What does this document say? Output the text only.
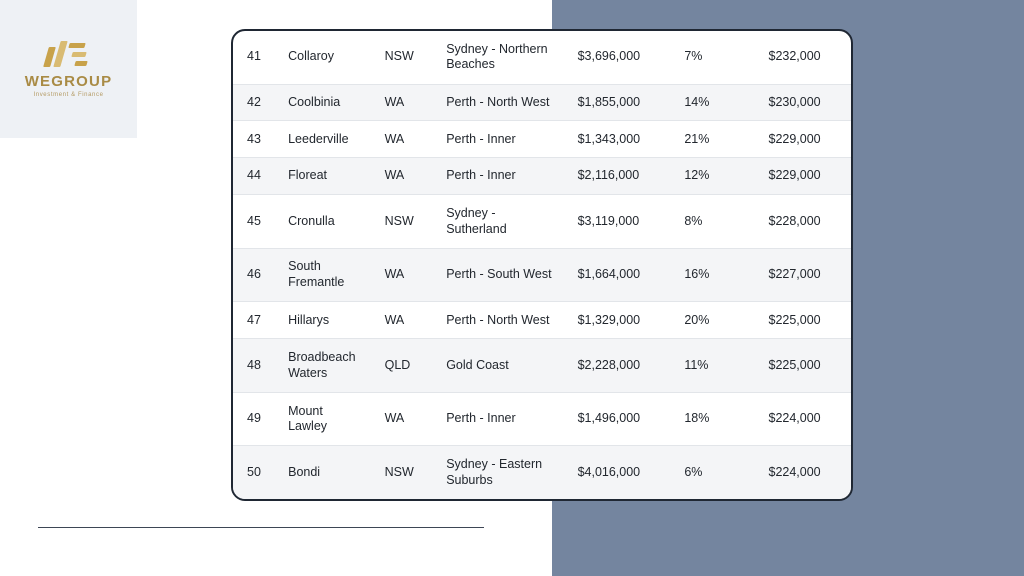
WEGROUP
Investment & Finance
41	Collaroy	NSW	Sydney - Northern Beaches	$3,696,000	7%	$232,000
42	Coolbinia	WA	Perth - North West	$1,855,000	14%	$230,000
43	Leederville	WA	Perth - Inner	$1,343,000	21%	$229,000
44	Floreat	WA	Perth - Inner	$2,116,000	12%	$229,000
45	Cronulla	NSW	Sydney - Sutherland	$3,119,000	8%	$228,000
46	South Fremantle	WA	Perth - South West	$1,664,000	16%	$227,000
47	Hillarys	WA	Perth - North West	$1,329,000	20%	$225,000
48	Broadbeach Waters	QLD	Gold Coast	$2,228,000	11%	$225,000
49	Mount Lawley	WA	Perth - Inner	$1,496,000	18%	$224,000
50	Bondi	NSW	Sydney - Eastern Suburbs	$4,016,000	6%	$224,000
